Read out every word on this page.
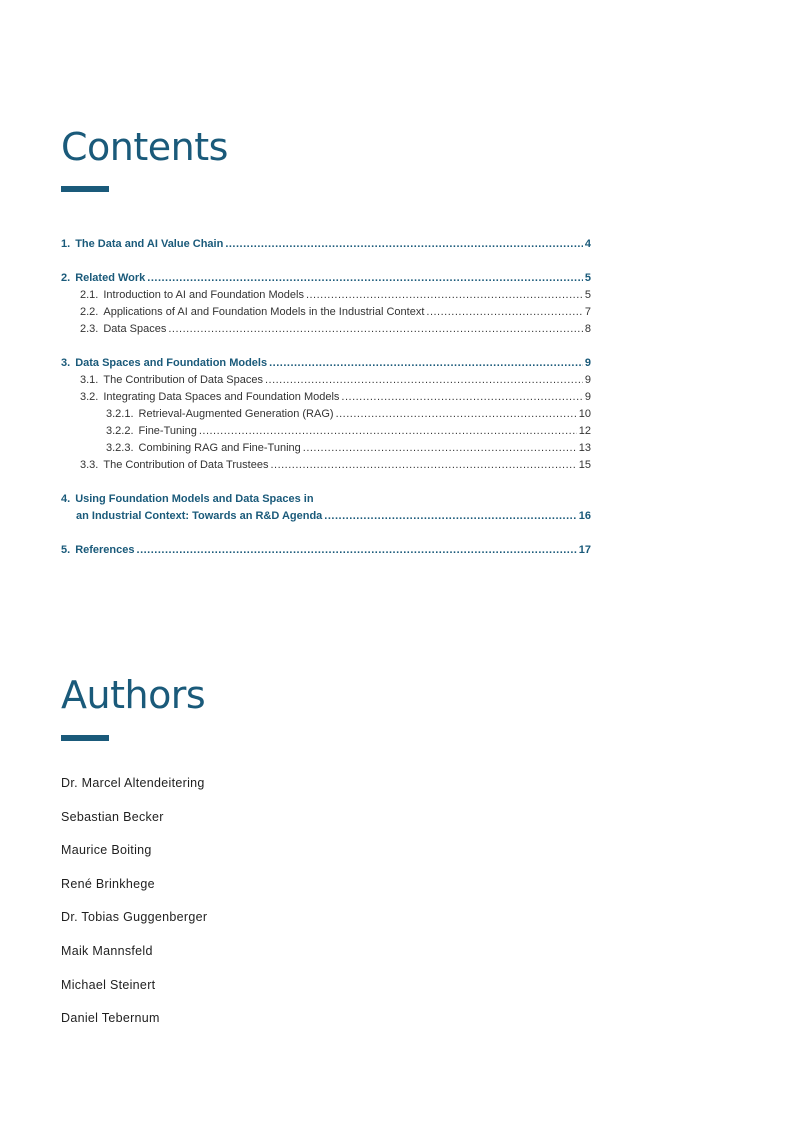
Contents
1. The Data and AI Value Chain .....	4
2. Related Work .....	5
2.1. Introduction to AI and Foundation Models .....	5
2.2. Applications of AI and Foundation Models in the Industrial Context .....	7
2.3. Data Spaces .....	8
3. Data Spaces and Foundation Models .....	9
3.1. The Contribution of Data Spaces .....	9
3.2. Integrating Data Spaces and Foundation Models .....	9
3.2.1. Retrieval-Augmented Generation (RAG) .....	10
3.2.2. Fine-Tuning .....	12
3.2.3. Combining RAG and Fine-Tuning .....	13
3.3. The Contribution of Data Trustees .....	15
4. Using Foundation Models and Data Spaces in
an Industrial Context: Towards an R&D Agenda .....	16
5. References .....	17
Authors
Dr. Marcel Altendeitering
Sebastian Becker
Maurice Boiting
René Brinkhege
Dr. Tobias Guggenberger
Maik Mannsfeld
Michael Steinert
Daniel Tebernum
